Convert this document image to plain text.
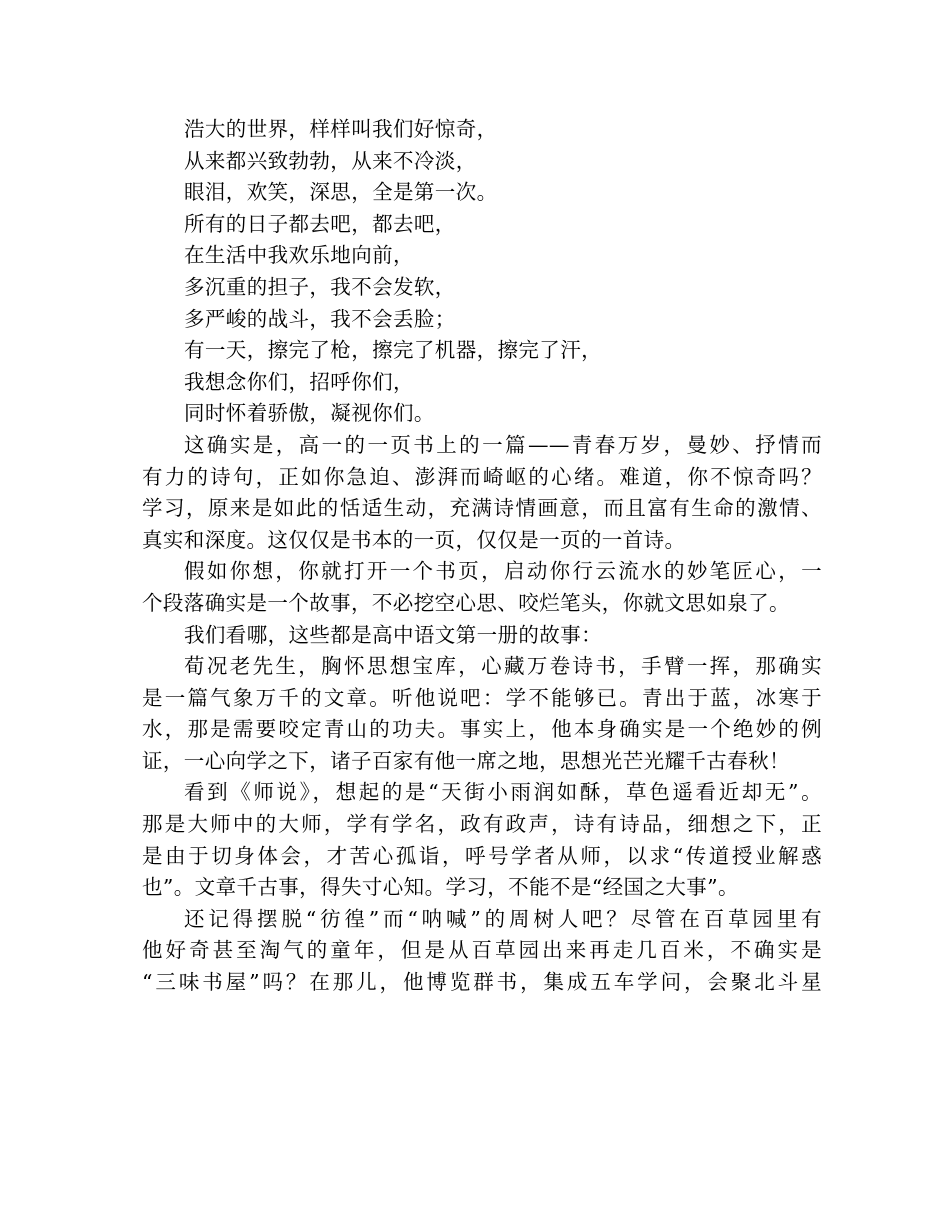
浩大的世界，样样叫我们好惊奇，

从来都兴致勃勃，从来不冷淡，

眼泪，欢笑，深思，全是第一次。

所有的日子都去吧，都去吧，

在生活中我欢乐地向前，

多沉重的担子，我不会发软，

多严峻的战斗，我不会丢脸；

有一天，擦完了枪，擦完了机器，擦完了汗，

我想念你们，招呼你们，

同时怀着骄傲，凝视你们。

这确实是，高一的一页书上的一篇——青春万岁，曼妙、抒情而

有力的诗句，正如你急迫、澎湃而崎岖的心绪。难道，你不惊奇吗？

学习，原来是如此的恬适生动，充满诗情画意，而且富有生命的激情、

真实和深度。这仅仅是书本的一页，仅仅是一页的一首诗。

假如你想，你就打开一个书页，启动你行云流水的妙笔匠心，一

个段落确实是一个故事，不必挖空心思、咬烂笔头，你就文思如泉了。

我们看哪，这些都是高中语文第一册的故事：

荀况老先生，胸怀思想宝库，心藏万卷诗书，手臂一挥，那确实

是一篇气象万千的文章。听他说吧：学不能够已。青出于蓝，冰寒于

水，那是需要咬定青山的功夫。事实上，他本身确实是一个绝妙的例

证，一心向学之下，诸子百家有他一席之地，思想光芒光耀千古春秋！

看到《师说》，想起的是“天街小雨润如酥，草色遥看近却无”。

那是大师中的大师，学有学名，政有政声，诗有诗品，细想之下，正

是由于切身体会，才苦心孤诣，呼号学者从师，以求“传道授业解惑

也”。文章千古事，得失寸心知。学习，不能不是“经国之大事”。

还记得摆脱“彷徨”而“呐喊”的周树人吧？尽管在百草园里有

他好奇甚至淘气的童年，但是从百草园出来再走几百米，不确实是

“三味书屋”吗？在那儿，他博览群书，集成五车学问，会聚北斗星
